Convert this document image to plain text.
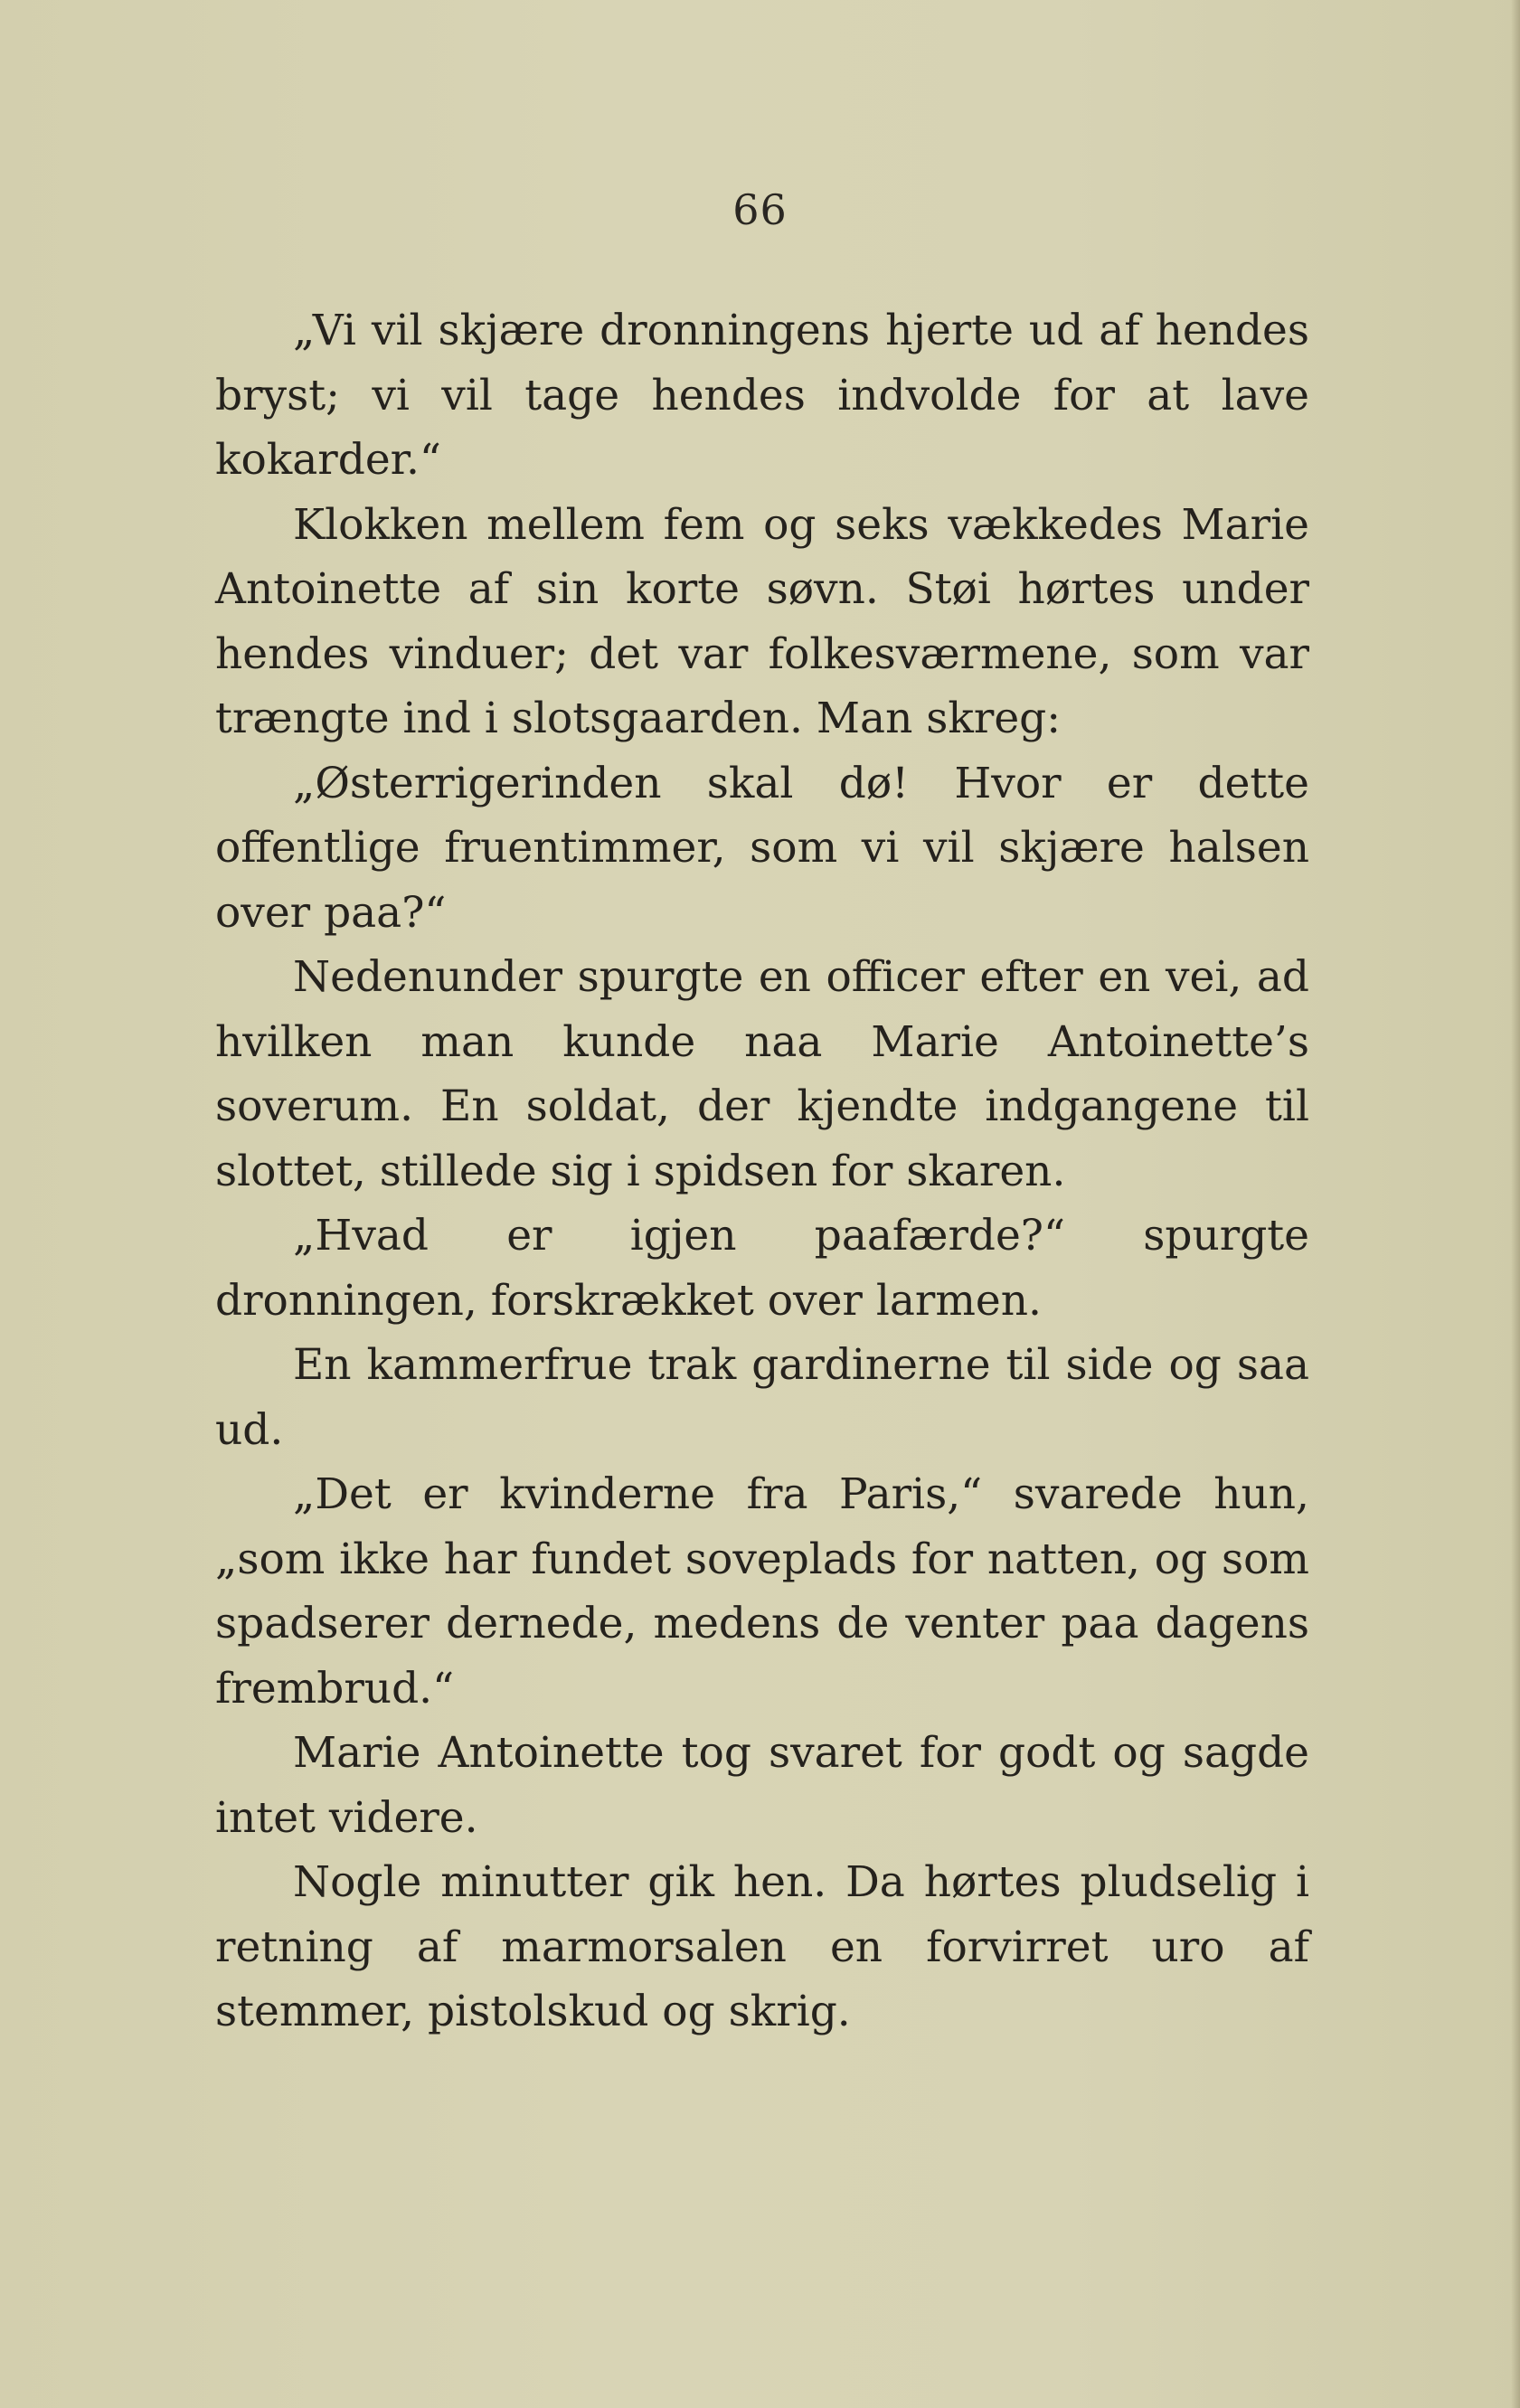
66

„Vi vil skjære dronningens hjerte ud af hendes bryst; vi vil tage hendes indvolde for at lave kokarder.“

Klokken mellem fem og seks vækkedes Marie Antoinette af sin korte søvn. Støi hørtes under hendes vinduer; det var folkesværmene, som var trængte ind i slotsgaarden. Man skreg:

„Østerrigerinden skal dø! Hvor er dette offentlige fruentimmer, som vi vil skjære halsen over paa?“

Nedenunder spurgte en officer efter en vei, ad hvilken man kunde naa Marie Antoinette’s soverum. En soldat, der kjendte indgangene til slottet, stillede sig i spidsen for skaren.

„Hvad er igjen paafærde?“ spurgte dronningen, forskrækket over larmen.

En kammerfrue trak gardinerne til side og saa ud.

„Det er kvinderne fra Paris,“ svarede hun, „som ikke har fundet soveplads for natten, og som spadserer dernede, medens de venter paa dagens frembrud.“

Marie Antoinette tog svaret for godt og sagde intet videre.

Nogle minutter gik hen. Da hørtes pludselig i retning af marmorsalen en forvirret uro af stemmer, pistolskud og skrig.
